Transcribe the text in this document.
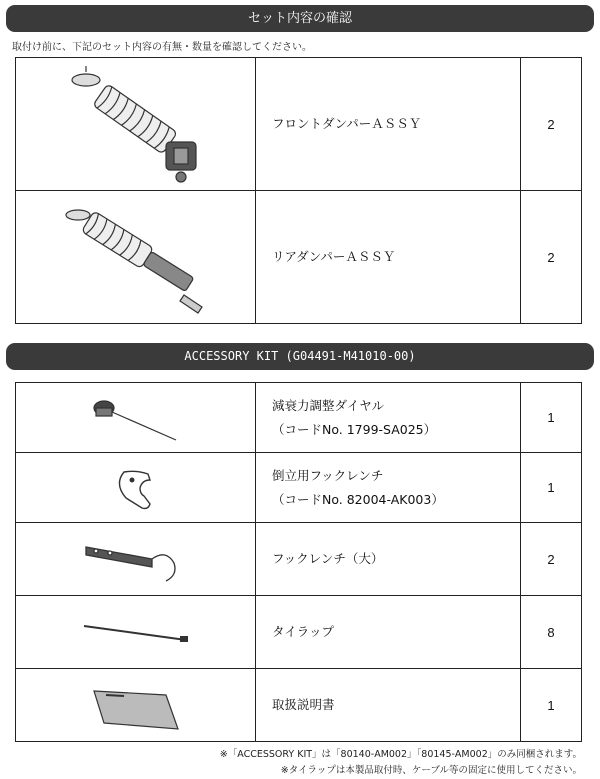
セット内容の確認
取付け前に、下記のセット内容の有無・数量を確認してください。
	フロントダンパーＡＳＳＹ	2

	リアダンパーＡＳＳＹ	2
ACCESSORY KIT (G04491-M41010-00)
	減衰力調整ダイヤル
（コードNo. 1799-SA025）	1

	倒立用フックレンチ
（コードNo. 82004-AK003）	1

	フックレンチ（大）	2

	タイラップ	8

	取扱説明書	1
※「ACCESSORY KIT」は「80140-AM002」「80145-AM002」のみ同梱されます。
※タイラップは本製品取付時、ケーブル等の固定に使用してください。
